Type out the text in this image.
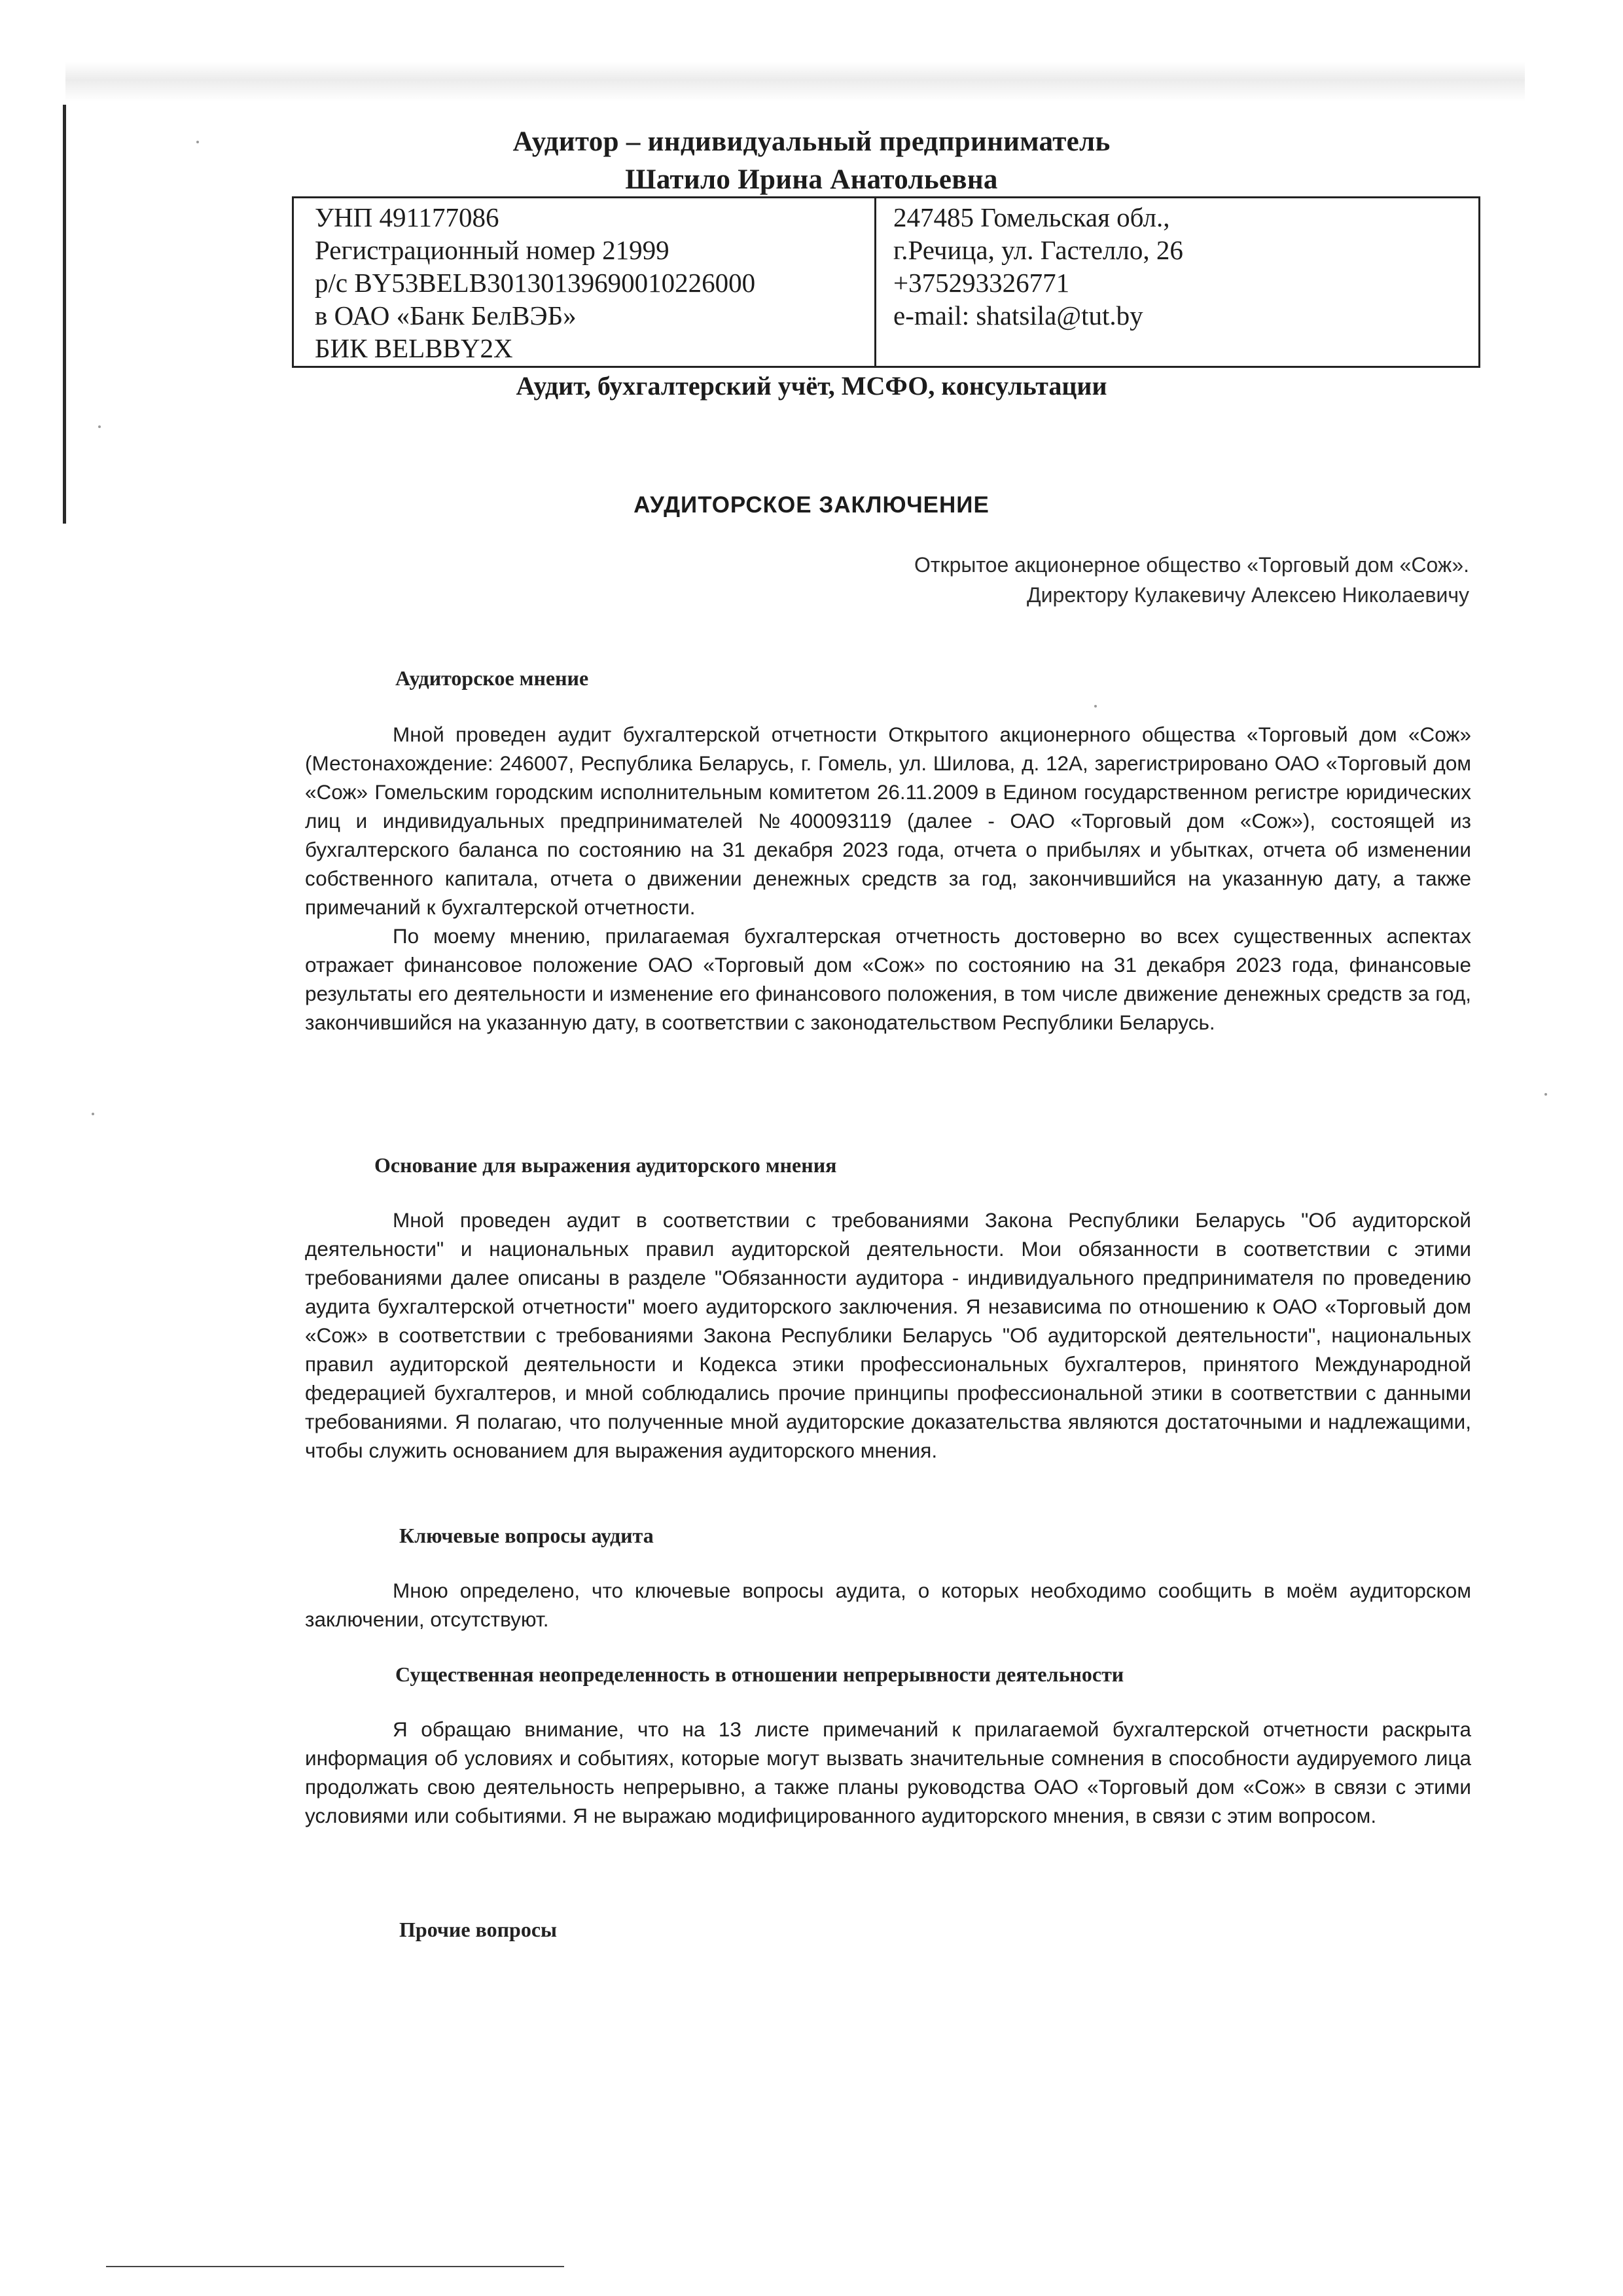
Аудитор – индивидуальный предприниматель
Шатило Ирина Анатольевна
УНП 491177086
Регистрационный номер 21999
р/с BY53BELB30130139690010226000
в ОАО «Банк БелВЭБ»
БИК BELBBY2X
247485 Гомельская обл.,
г.Речица, ул. Гастелло, 26
+375293326771
e-mail: shatsila@tut.by
Аудит, бухгалтерский учёт, МСФО, консультации
АУДИТОРСКОЕ ЗАКЛЮЧЕНИЕ
Открытое акционерное общество «Торговый дом «Сож».
Директору Кулакевичу Алексею Николаевичу
Аудиторское мнение

Мной проведен аудит бухгалтерской отчетности Открытого акционерного общества «Торговый дом «Сож» (Местонахождение: 246007, Республика Беларусь, г. Гомель, ул. Шилова, д. 12А, зарегистрировано ОАО «Торговый дом «Сож» Гомельским городским исполнительным комитетом 26.11.2009 в Едином государственном регистре юридических лиц и индивидуальных предпринимателей №400093119 (далее - ОАО «Торговый дом «Сож»), состоящей из бухгалтерского баланса по состоянию на 31 декабря 2023 года, отчета о прибылях и убытках, отчета об изменении собственного капитала, отчета о движении денежных средств за год, закончившийся на указанную дату, а также примечаний к бухгалтерской отчетности.

По моему мнению, прилагаемая бухгалтерская отчетность достоверно во всех существенных аспектах отражает финансовое положение ОАО «Торговый дом «Сож» по состоянию на 31 декабря 2023 года, финансовые результаты его деятельности и изменение его финансового положения, в том числе движение денежных средств за год, закончившийся на указанную дату, в соответствии с законодательством Республики Беларусь.

Основание для выражения аудиторского мнения

Мной проведен аудит в соответствии с требованиями Закона Республики Беларусь "Об аудиторской деятельности" и национальных правил аудиторской деятельности. Мои обязанности в соответствии с этими требованиями далее описаны в разделе "Обязанности аудитора - индивидуального предпринимателя по проведению аудита бухгалтерской отчетности" моего аудиторского заключения. Я независима по отношению к ОАО «Торговый дом «Сож» в соответствии с требованиями Закона Республики Беларусь "Об аудиторской деятельности", национальных правил аудиторской деятельности и Кодекса этики профессиональных бухгалтеров, принятого Международной федерацией бухгалтеров, и мной соблюдались прочие принципы профессиональной этики в соответствии с данными требованиями. Я полагаю, что полученные мной аудиторские доказательства являются достаточными и надлежащими, чтобы служить основанием для выражения аудиторского мнения.

Ключевые вопросы аудита

Мною определено, что ключевые вопросы аудита, о которых необходимо сообщить в моём аудиторском заключении, отсутствуют.

Существенная неопределенность в отношении непрерывности деятельности

Я обращаю внимание, что на 13 листе примечаний к прилагаемой бухгалтерской отчетности раскрыта информация об условиях и событиях, которые могут вызвать значительные сомнения в способности аудируемого лица продолжать свою деятельность непрерывно, а также планы руководства ОАО «Торговый дом «Сож» в связи с этими условиями или событиями. Я не выражаю модифицированного аудиторского мнения, в связи с этим вопросом.

Прочие вопросы
